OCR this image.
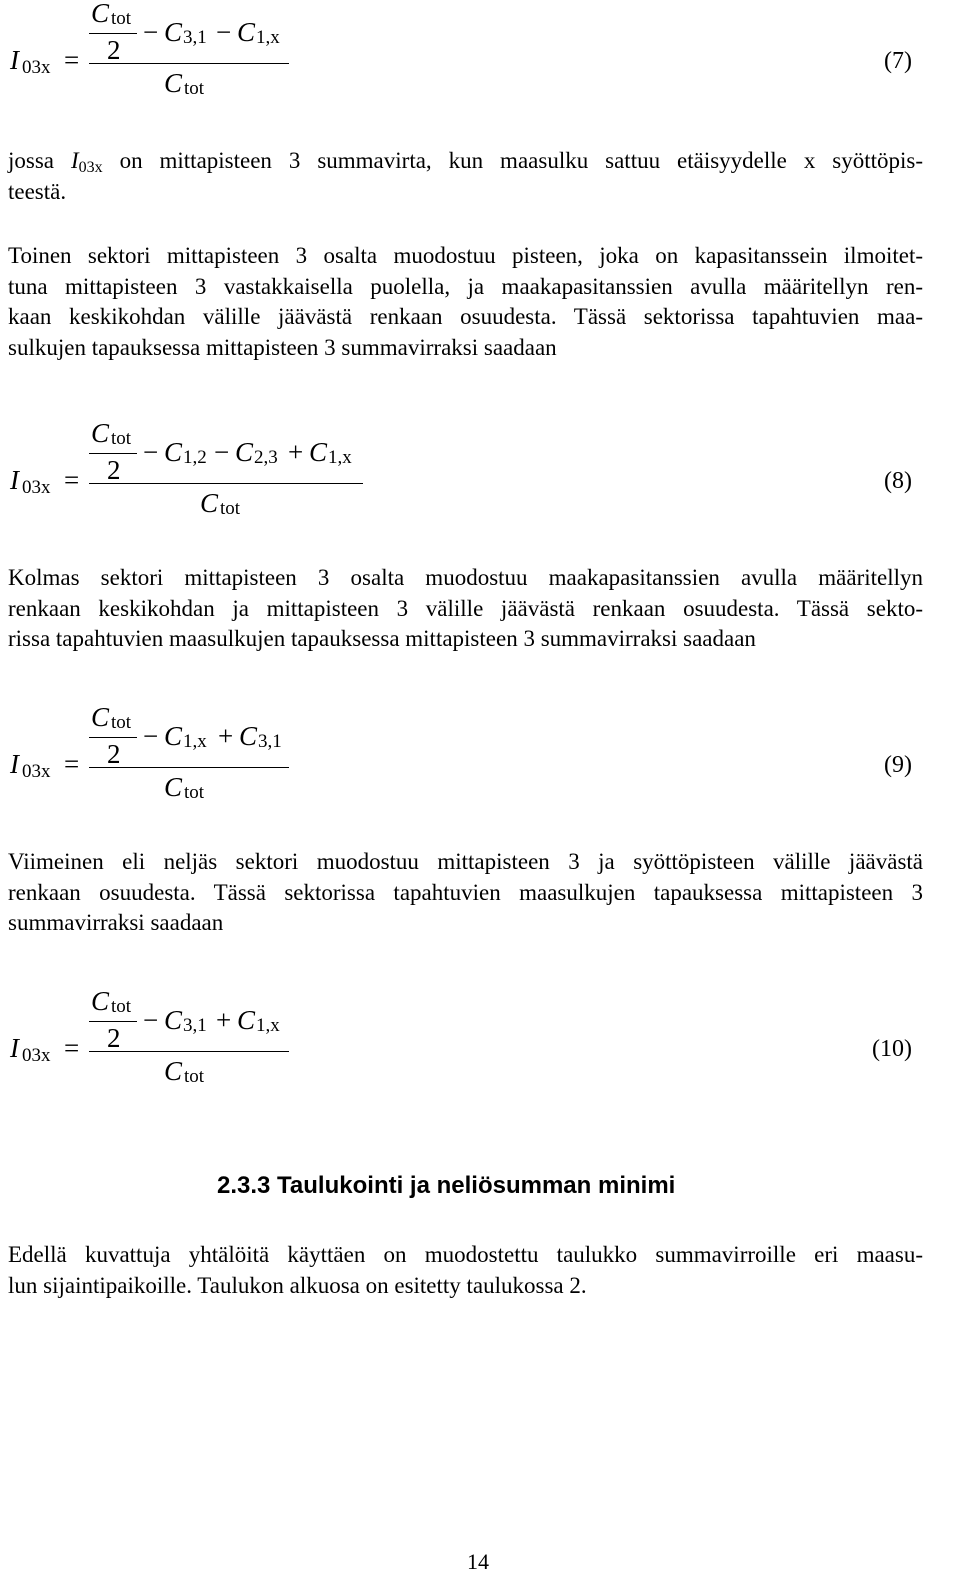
I 03x =
C tot
2
− C 3,1 − C 1,x
C tot
(7)
jossa $I_{03x}$ on mittapisteen 3 summavirta, kun maasulku sattuu etäisyydelle x syöttöpis-
teestä.
Toinen sektori mittapisteen 3 osalta muodostuu pisteen, joka on kapasitanssein ilmoitet-
tuna mittapisteen 3 vastakkaisella puolella, ja maakapasitanssien avulla määritellyn ren-
kaan keskikohdan välille jäävästä renkaan osuudesta. Tässä sektorissa tapahtuvien maa-
sulkujen tapauksessa mittapisteen 3 summavirraksi saadaan
I 03x =
C tot
2
− C 1,2 − C 2,3 + C 1,x
C tot
(8)
Kolmas sektori mittapisteen 3 osalta muodostuu maakapasitanssien avulla määritellyn
renkaan keskikohdan ja mittapisteen 3 välille jäävästä renkaan osuudesta. Tässä sekto-
rissa tapahtuvien maasulkujen tapauksessa mittapisteen 3 summavirraksi saadaan
I 03x =
C tot
2
− C 1,x + C 3,1
C tot
(9)
Viimeinen eli neljäs sektori muodostuu mittapisteen 3 ja syöttöpisteen välille jäävästä
renkaan osuudesta. Tässä sektorissa tapahtuvien maasulkujen tapauksessa mittapisteen 3
summavirraksi saadaan
I 03x =
C tot
2
− C 3,1 + C 1,x
C tot
(10)
2.3.3 Taulukointi ja neliösumman minimi
Edellä kuvattuja yhtälöitä käyttäen on muodostettu taulukko summavirroille eri maasu-
lun sijaintipaikoille. Taulukon alkuosa on esitetty taulukossa 2.
14
